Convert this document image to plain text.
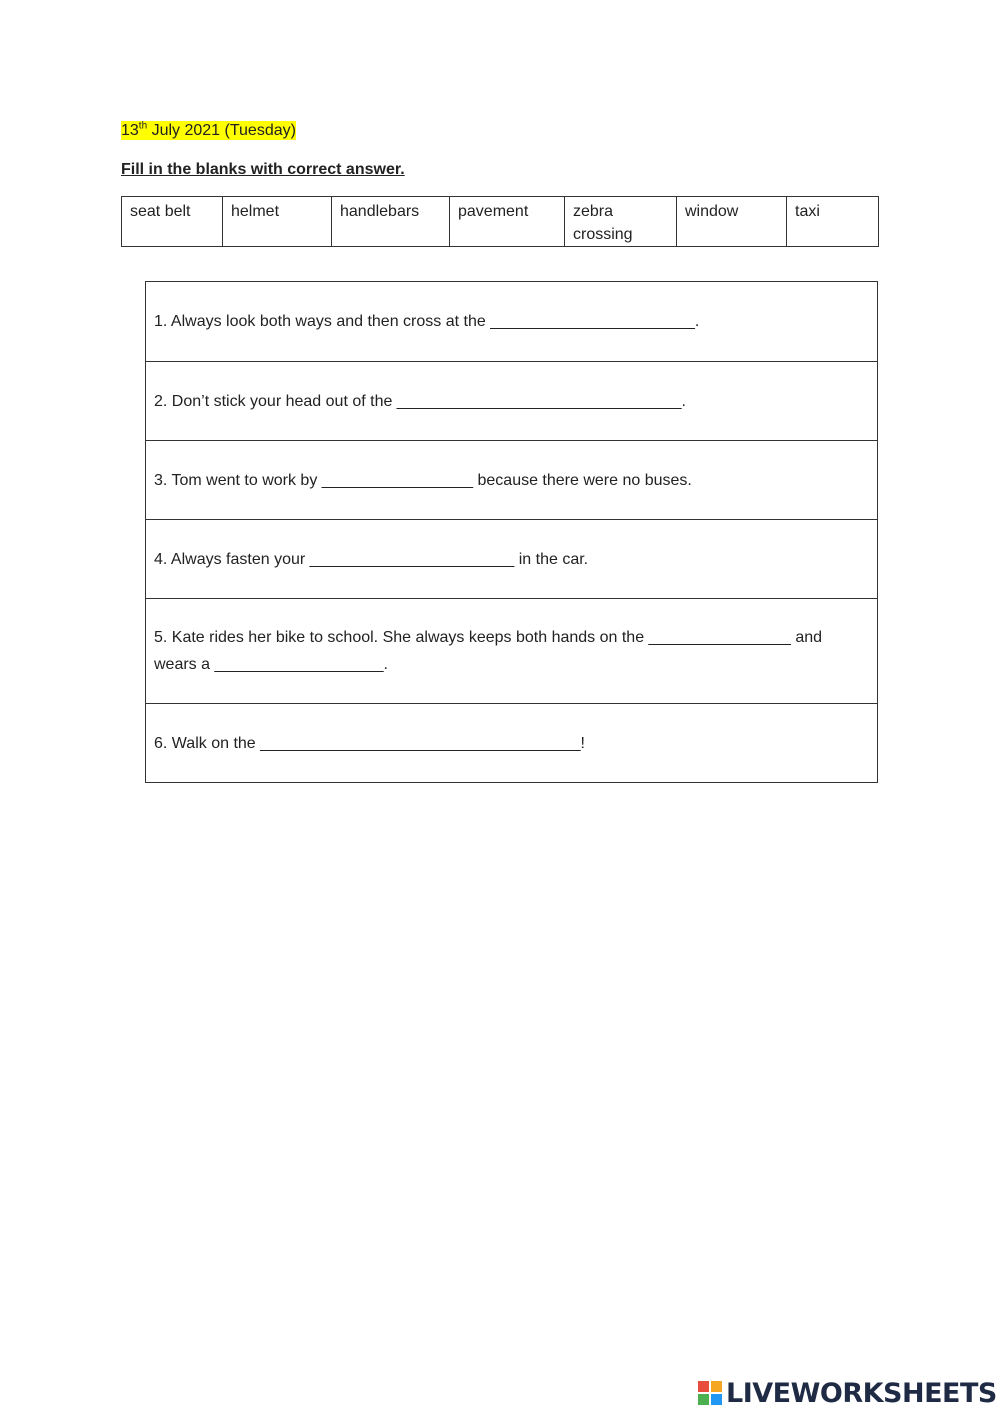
13th July 2021 (Tuesday)
Fill in the blanks with correct answer.
seat belt	helmet	handlebars	pavement	zebra crossing	window	taxi
1. Always look both ways and then cross at the _______________________.
2. Don’t stick your head out of the ________________________________.
3. Tom went to work by _________________ because there were no buses.
4. Always fasten your _______________________ in the car.
5. Kate rides her bike to school. She always keeps both hands on the ________________ and wears a ___________________.
6. Walk on the ____________________________________!
LIVEWORKSHEETS
